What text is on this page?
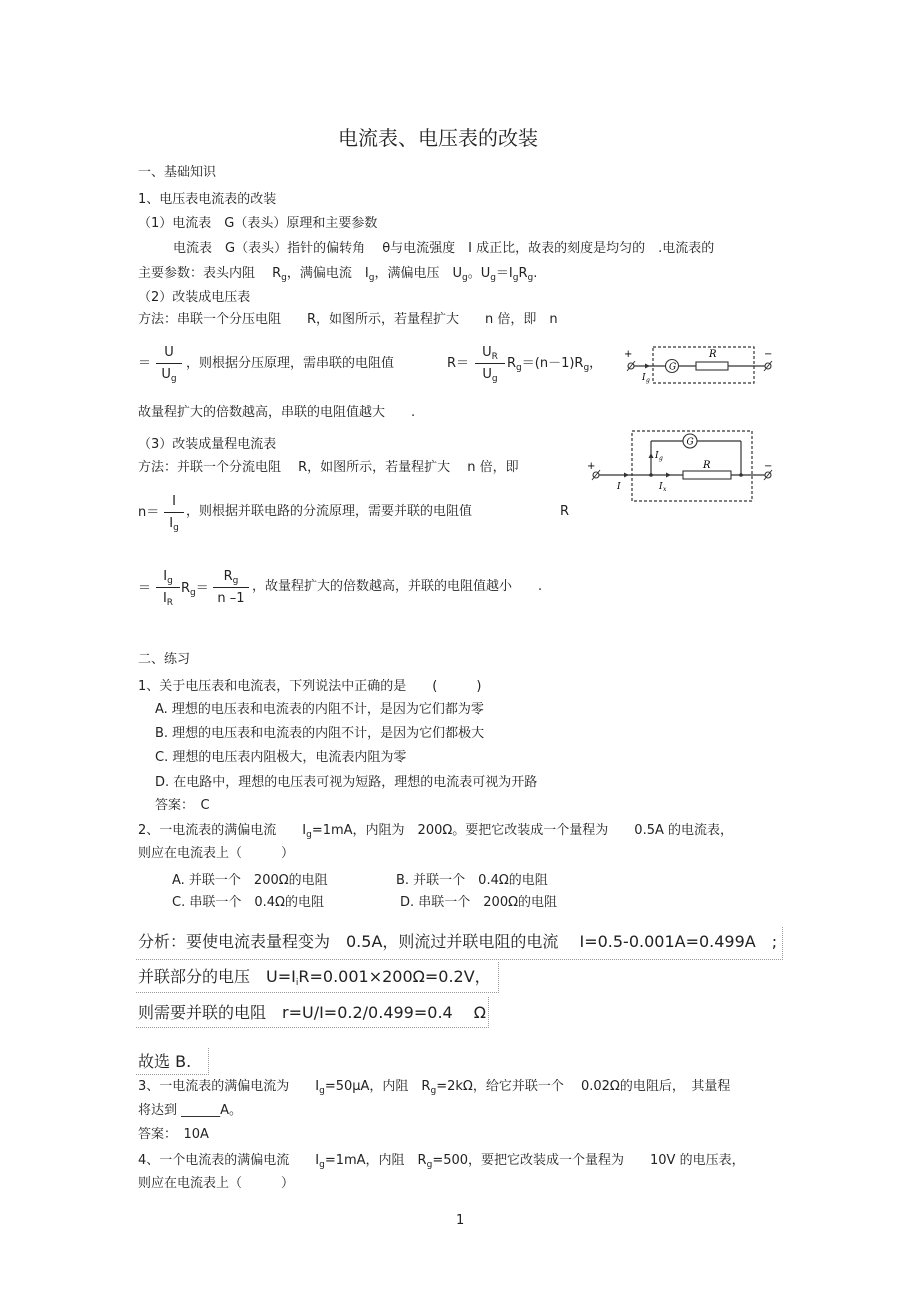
电流表、电压表的改装
一、基础知识
1、电压表电流表的改装
（1）电流表　G（表头）原理和主要参数
电流表　G（表头）指针的偏转角　 θ与电流强度　I 成正比，故表的刻度是均匀的　.电流表的
主要参数：表头内阻　 $R_g$，满偏电流　$I_g$，满偏电压　$U_g$。$U_g=I_gR_g$.
（2）改装成电压表
方法：串联一个分压电阻　　R，如图所示，若量程扩大　　n 倍，即　n
＝
U
$U_g$
，则根据分压原理，需串联的电阻值	R＝
$U_R$
$U_g$
$R_g=(n-1)R_g$，
+	−
G
R
I g
故量程扩大的倍数越高，串联的电阻值越大　　.
（3）改装成量程电流表
方法：并联一个分流电阻　 R，如图所示，若量程扩大　 n 倍，即
n＝
I
$I_g$
，则根据并联电路的分流原理，需要并联的电阻值	R
＝
$I_g$
$I_R$
$R_g=$
$R_g$
n –1
，故量程扩大的倍数越高，并联的电阻值越小　　.
+	−
G
R
I
I g
I x
二、练习
1、关于电压表和电流表，下列说法中正确的是　　(　　　)
A. 理想的电压表和电流表的内阻不计，是因为它们都为零
B. 理想的电压表和电流表的内阻不计，是因为它们都极大
C. 理想的电压表内阻极大，电流表内阻为零
D. 在电路中，理想的电压表可视为短路，理想的电流表可视为开路
答案：　C
2、一电流表的满偏电流　　$I_g=1mA$，内阻为　200Ω。要把它改装成一个量程为　　0.5A 的电流表，
则应在电流表上（　　　）
A. 并联一个　200Ω的电阻	B. 并联一个　0.4Ω的电阻
C. 串联一个　0.4Ω的电阻	D. 串联一个　200Ω的电阻
分析：要使电流表量程变为　0.5A，则流过并联电阻的电流　 I=0.5-0.001A=0.499A　;
并联部分的电压　$U=I_iR=0.001\times 200\Omega=0.2V$，
则需要并联的电阻　r=U/I=0.2/0.499=0.4　 Ω
故选 B.
3、一电流表的满偏电流为　　$I_g=50\mu A$，内阻　$R_g=2k\Omega$，给它并联一个　 0.02Ω的电阻后，　其量程
将达到 ______A。
答案：　10A
4、一个电流表的满偏电流　　$I_g=1mA$，内阻　$R_g=500$，要把它改装成一个量程为　　10V 的电压表，
则应在电流表上（　　　）
1
